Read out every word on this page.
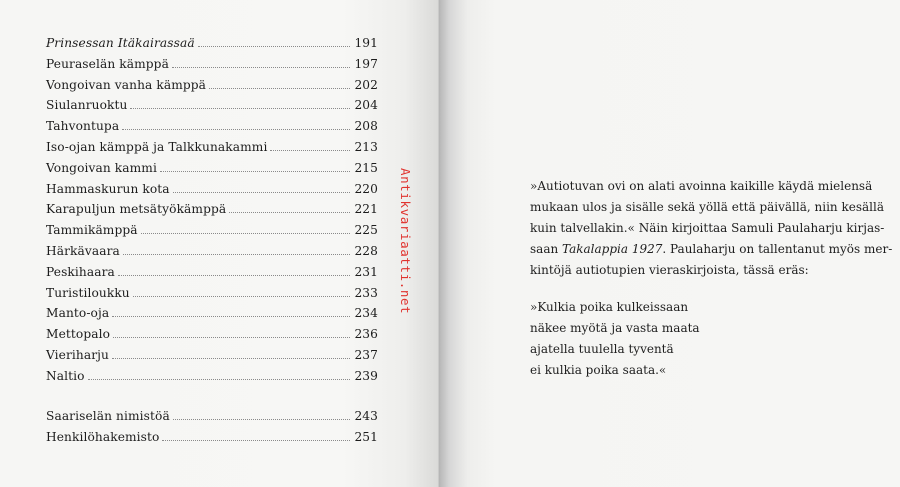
Prinsessan Itäkairassaä	191
Peuraselän kämppä	197
Vongoivan vanha kämppä	202
Siulanruoktu	204
Tahvontupa	208
Iso-ojan kämppä ja Talkkunakammi	213
Vongoivan kammi	215
Hammaskurun kota	220
Karapuljun metsätyökämppä	221
Tammikämppä	225
Härkävaara	228
Peskihaara	231
Turistiloukku	233
Manto-oja	234
Mettopalo	236
Vieriharju	237
Naltio	239
Saariselän nimistöä	243
Henkilöhakemisto	251
Antikvariaatti.net	»Autiotuvan ovi on alati avoinna kaikille käydä mielensä
mukaan ulos ja sisälle sekä yöllä että päivällä, niin kesällä
kuin talvellakin.« Näin kirjoittaa Samuli Paulaharju kirjas-
saan Takalappia 1927. Paulaharju on tallentanut myös mer-
kintöjä autiotupien vieraskirjoista, tässä eräs:
»Kulkia poika kulkeissaan
näkee myötä ja vasta maata
ajatella tuulella tyventä
ei kulkia poika saata.«
